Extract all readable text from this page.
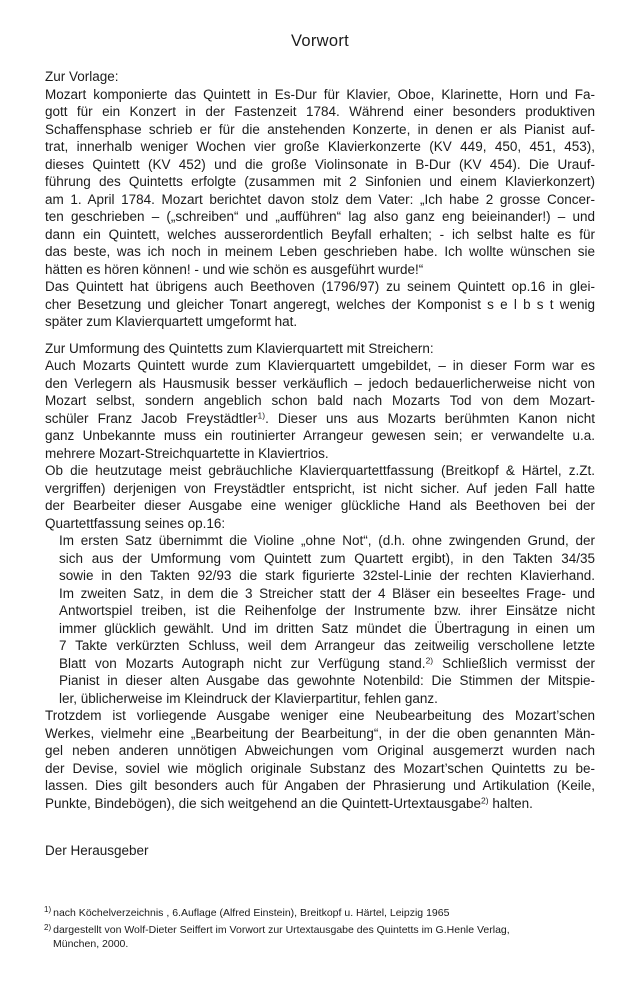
Vorwort
Zur Vorlage:
Mozart komponierte das Quintett in Es-Dur für Klavier, Oboe, Klarinette, Horn und Fa-
gott für ein Konzert in der Fastenzeit 1784. Während einer besonders produktiven
Schaffensphase schrieb er für die anstehenden Konzerte, in denen er als Pianist auf-
trat, innerhalb weniger Wochen vier große Klavierkonzerte (KV 449, 450, 451, 453),
dieses Quintett (KV 452) und die große Violinsonate in B-Dur (KV 454). Die Urauf-
führung des Quintetts erfolgte (zusammen mit 2 Sinfonien und einem Klavierkonzert)
am 1. April 1784. Mozart berichtet davon stolz dem Vater: „Ich habe 2 grosse Concer-
ten geschrieben – („schreiben“ und „aufführen“ lag also ganz eng beieinander!) – und
dann ein Quintett, welches ausserordentlich Beyfall erhalten; - ich selbst halte es für
das beste, was ich noch in meinem Leben geschrieben habe. Ich wollte wünschen sie
hätten es hören können! - und wie schön es ausgeführt wurde!“
Das Quintett hat übrigens auch Beethoven (1796/97) zu seinem Quintett op.16 in glei-
cher Besetzung und gleicher Tonart angeregt, welches der Komponist s e l b s t wenig
später zum Klavierquartett umgeformt hat.
Zur Umformung des Quintetts zum Klavierquartett mit Streichern:
Auch Mozarts Quintett wurde zum Klavierquartett umgebildet, – in dieser Form war es
den Verlegern als Hausmusik besser verkäuflich – jedoch bedauerlicherweise nicht von
Mozart selbst, sondern angeblich schon bald nach Mozarts Tod von dem Mozart-
schüler Franz Jacob Freystädtler$^{1)}$. Dieser uns aus Mozarts berühmten Kanon nicht
ganz Unbekannte muss ein routinierter Arrangeur gewesen sein; er verwandelte u.a.
mehrere Mozart-Streichquartette in Klaviertrios.
Ob die heutzutage meist gebräuchliche Klavierquartettfassung (Breitkopf & Härtel, z.Zt.
vergriffen) derjenigen von Freystädtler entspricht, ist nicht sicher. Auf jeden Fall hatte
der Bearbeiter dieser Ausgabe eine weniger glückliche Hand als Beethoven bei der
Quartettfassung seines op.16:
Im ersten Satz übernimmt die Violine „ohne Not“, (d.h. ohne zwingenden Grund, der
sich aus der Umformung vom Quintett zum Quartett ergibt), in den Takten 34/35
sowie in den Takten 92/93 die stark figurierte 32stel-Linie der rechten Klavierhand.
Im zweiten Satz, in dem die 3 Streicher statt der 4 Bläser ein beseeltes Frage- und
Antwortspiel treiben, ist die Reihenfolge der Instrumente bzw. ihrer Einsätze nicht
immer glücklich gewählt. Und im dritten Satz mündet die Übertragung in einen um
7 Takte verkürzten Schluss, weil dem Arrangeur das zeitweilig verschollene letzte
Blatt von Mozarts Autograph nicht zur Verfügung stand.$^{2)}$ Schließlich vermisst der
Pianist in dieser alten Ausgabe das gewohnte Notenbild: Die Stimmen der Mitspie-
ler, üblicherweise im Kleindruck der Klavierpartitur, fehlen ganz.
Trotzdem ist vorliegende Ausgabe weniger eine Neubearbeitung des Mozart’schen
Werkes, vielmehr eine „Bearbeitung der Bearbeitung“, in der die oben genannten Män-
gel neben anderen unnötigen Abweichungen vom Original ausgemerzt wurden nach
der Devise, soviel wie möglich originale Substanz des Mozart’schen Quintetts zu be-
lassen. Dies gilt besonders auch für Angaben der Phrasierung und Artikulation (Keile,
Punkte, Bindebögen), die sich weitgehend an die Quintett-Urtextausgabe$^{2)}$ halten.
Der Herausgeber
$^{1)}$ nach Köchelverzeichnis , 6.Auflage (Alfred Einstein), Breitkopf u. Härtel, Leipzig 1965
$^{2)}$ dargestellt von Wolf-Dieter Seiffert im Vorwort zur Urtextausgabe des Quintetts im G.Henle Verlag,
München, 2000.
